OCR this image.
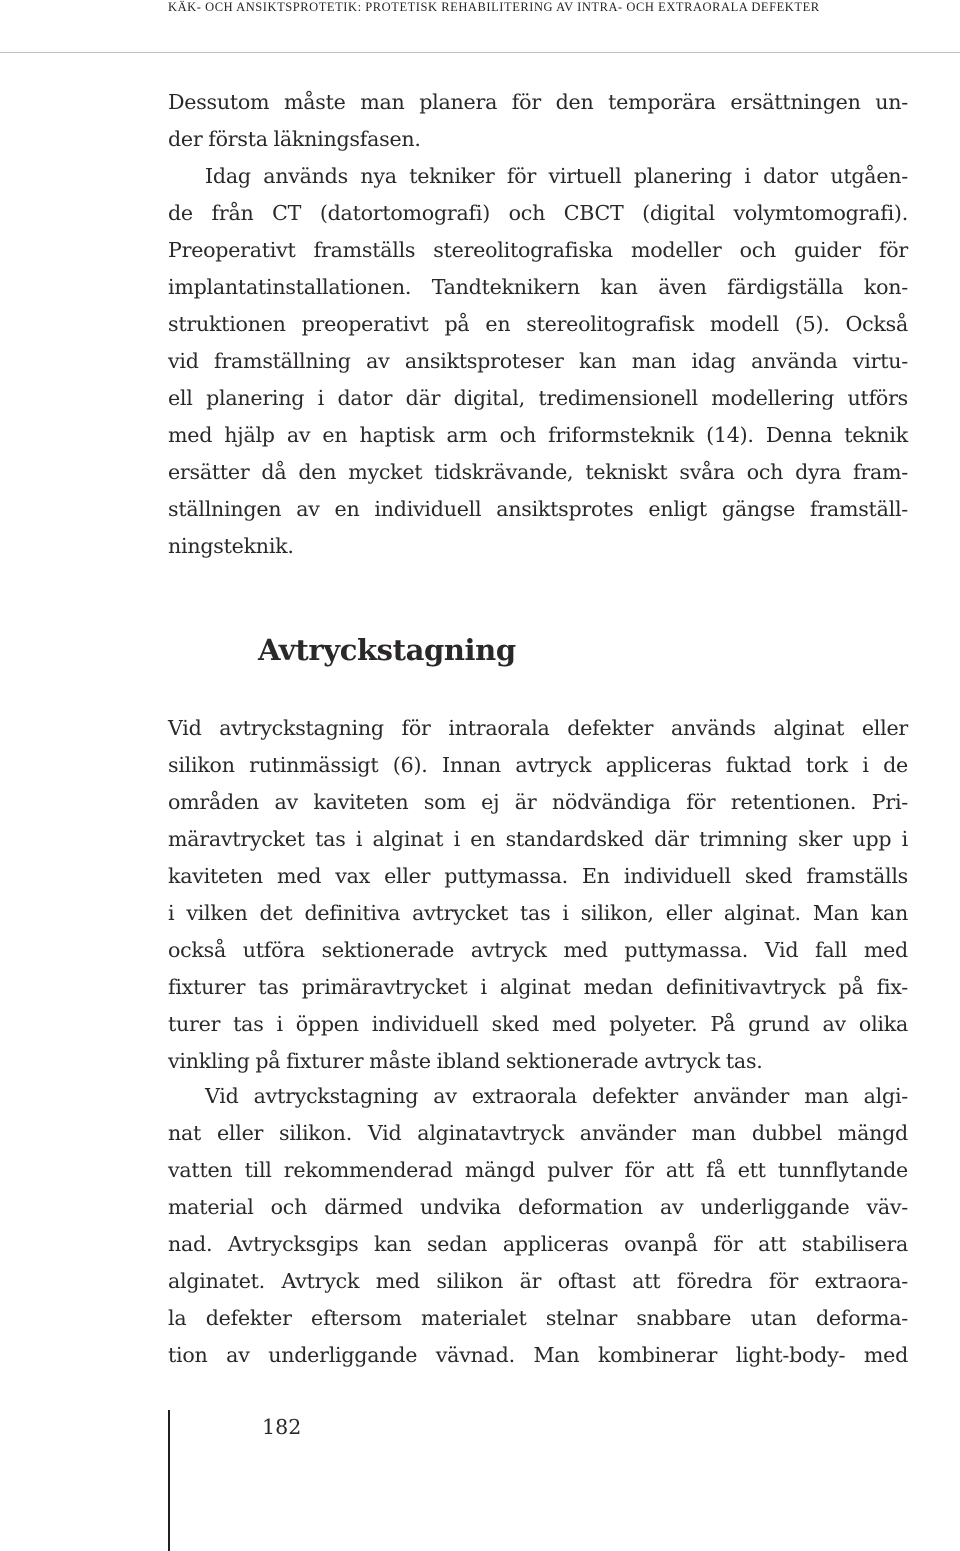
KÄK- OCH ANSIKTSPROTETIK: PROTETISK REHABILITERING AV INTRA- OCH EXTRAORALA DEFEKTER
Dessutom måste man planera för den temporära ersättningen un-
der första läkningsfasen.
Idag används nya tekniker för virtuell planering i dator utgåen-
de från CT (datortomografi) och CBCT (digital volymtomografi).
Preoperativt framställs stereolitografiska modeller och guider för
implantatinstallationen. Tandteknikern kan även färdigställa kon-
struktionen preoperativt på en stereolitografisk modell (5). Också
vid framställning av ansiktsproteser kan man idag använda virtu-
ell planering i dator där digital, tredimensionell modellering utförs
med hjälp av en haptisk arm och friformsteknik (14). Denna teknik
ersätter då den mycket tidskrävande, tekniskt svåra och dyra fram-
ställningen av en individuell ansiktsprotes enligt gängse framställ-
ningsteknik.
Avtryckstagning
Vid avtryckstagning för intraorala defekter används alginat eller
silikon rutinmässigt (6). Innan avtryck appliceras fuktad tork i de
områden av kaviteten som ej är nödvändiga för retentionen. Pri-
märavtrycket tas i alginat i en standardsked där trimning sker upp i
kaviteten med vax eller puttymassa. En individuell sked framställs
i vilken det definitiva avtrycket tas i silikon, eller alginat. Man kan
också utföra sektionerade avtryck med puttymassa. Vid fall med
fixturer tas primäravtrycket i alginat medan definitivavtryck på fix-
turer tas i öppen individuell sked med polyeter. På grund av olika
vinkling på fixturer måste ibland sektionerade avtryck tas.
Vid avtryckstagning av extraorala defekter använder man algi-
nat eller silikon. Vid alginatavtryck använder man dubbel mängd
vatten till rekommenderad mängd pulver för att få ett tunnflytande
material och därmed undvika deformation av underliggande väv-
nad. Avtrycksgips kan sedan appliceras ovanpå för att stabilisera
alginatet. Avtryck med silikon är oftast att föredra för extraora-
la defekter eftersom materialet stelnar snabbare utan deforma-
tion av underliggande vävnad. Man kombinerar light-body- med
182
